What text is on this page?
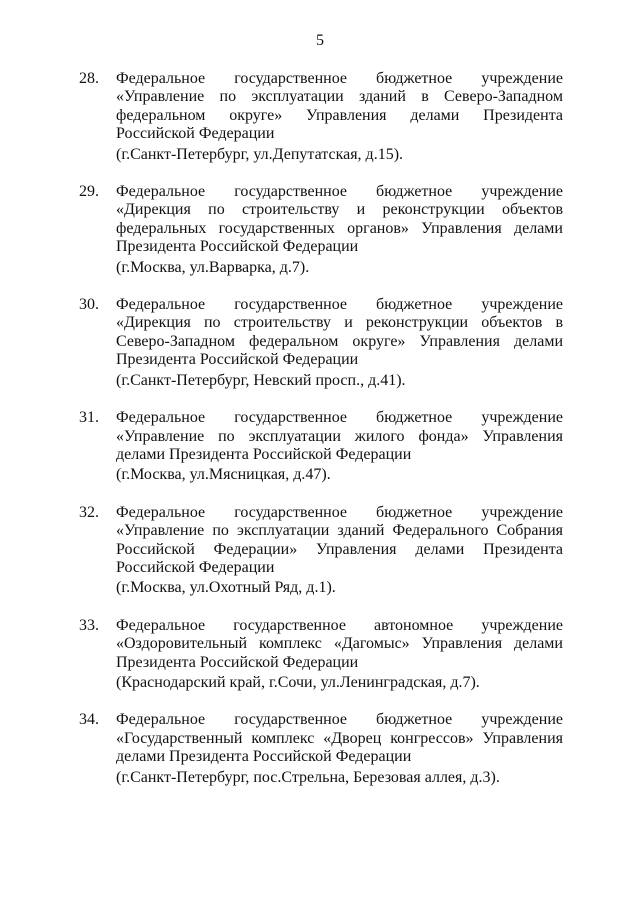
5
28. Федеральное государственное бюджетное учреждение
«Управление по эксплуатации зданий в Северо-Западном
федеральном округе» Управления делами Президента
Российской Федерации
(г.Санкт-Петербург, ул.Депутатская, д.15).
29. Федеральное государственное бюджетное учреждение
«Дирекция по строительству и реконструкции объектов
федеральных государственных органов» Управления делами
Президента Российской Федерации
(г.Москва, ул.Варварка, д.7).
30. Федеральное государственное бюджетное учреждение
«Дирекция по строительству и реконструкции объектов в
Северо-Западном федеральном округе» Управления делами
Президента Российской Федерации
(г.Санкт-Петербург, Невский просп., д.41).
31. Федеральное государственное бюджетное учреждение
«Управление по эксплуатации жилого фонда» Управления
делами Президента Российской Федерации
(г.Москва, ул.Мясницкая, д.47).
32. Федеральное государственное бюджетное учреждение
«Управление по эксплуатации зданий Федерального Собрания
Российской Федерации» Управления делами Президента
Российской Федерации
(г.Москва, ул.Охотный Ряд, д.1).
33. Федеральное государственное автономное учреждение
«Оздоровительный комплекс «Дагомыс» Управления делами
Президента Российской Федерации
(Краснодарский край, г.Сочи, ул.Ленинградская, д.7).
34. Федеральное государственное бюджетное учреждение
«Государственный комплекс «Дворец конгрессов» Управления
делами Президента Российской Федерации
(г.Санкт-Петербург, пос.Стрельна, Березовая аллея, д.3).
